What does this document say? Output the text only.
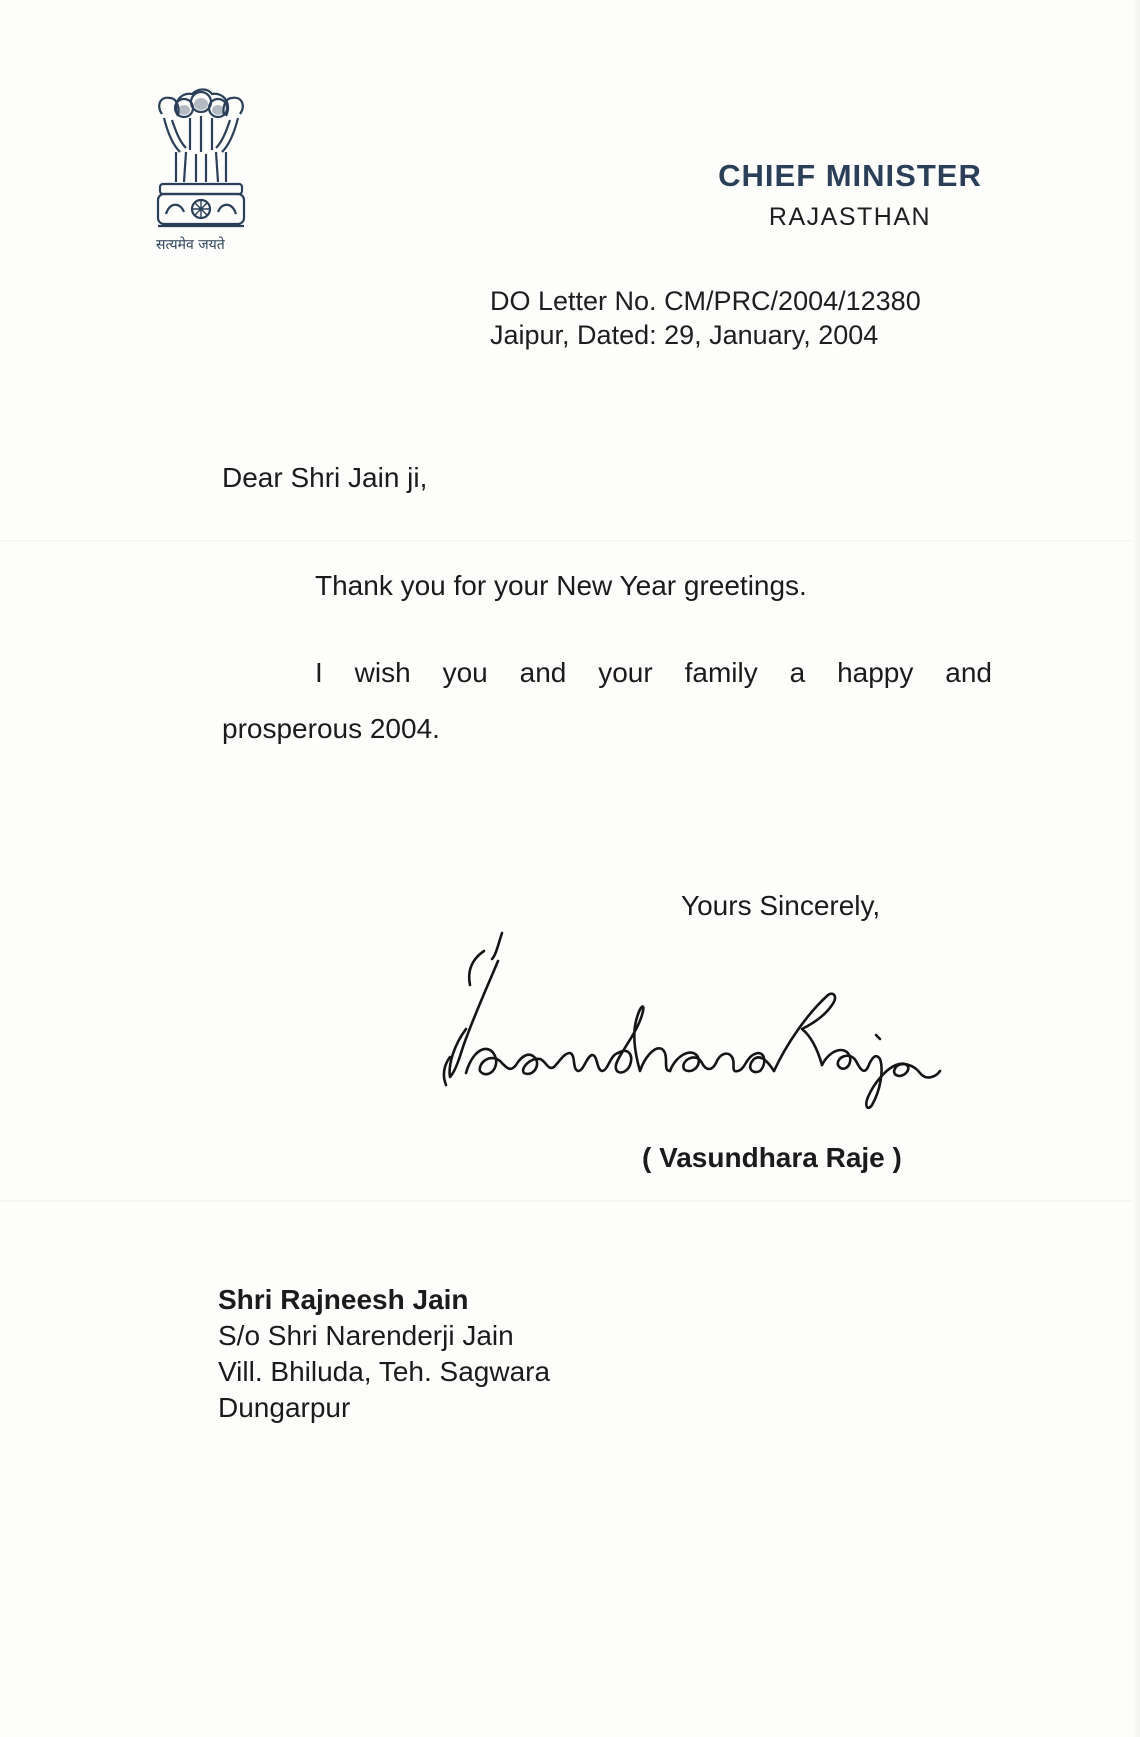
सत्यमेव जयते
CHIEF MINISTER
RAJASTHAN
DO Letter No. CM/PRC/2004/12380
Jaipur, Dated: 29, January, 2004
Dear Shri Jain ji,
Thank you for your New Year greetings.
I wish you and your family a happy and
prosperous 2004.
Yours Sincerely,
( Vasundhara Raje )
Shri Rajneesh Jain
S/o Shri Narenderji Jain
Vill. Bhiluda, Teh. Sagwara
Dungarpur
